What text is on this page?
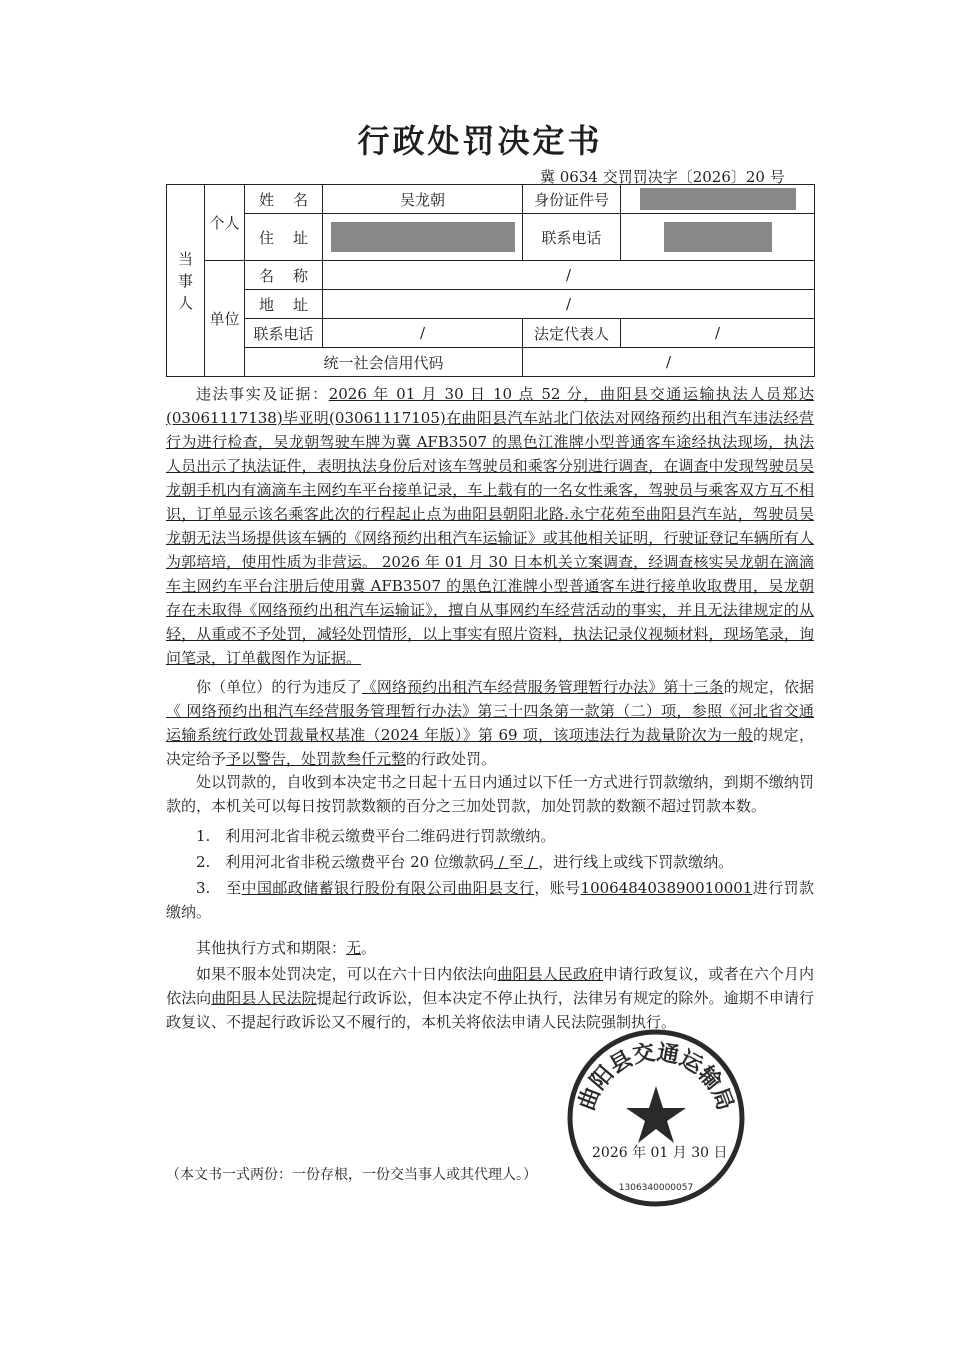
行政处罚决定书
冀 0634 交罚罚决字〔2026〕20 号
当事人	个人	姓    名	吴龙朝	身份证件号	
		住    址		联系电话	
	单位	名    称	/		
		地    址	/		
		联系电话	/	法定代表人	/
		统一社会信用代码		/	

违法事实及证据：2026 年 01 月 30 日 10 点 52 分，曲阳县交通运输执法人员郑达(03061117138)毕亚明(03061117105)在曲阳县汽车站北门依法对网络预约出租汽车违法经营行为进行检查，吴龙朝驾驶车牌为冀 AFB3507 的黑色江淮牌小型普通客车途经执法现场，执法人员出示了执法证件，表明执法身份后对该车驾驶员和乘客分别进行调查，在调查中发现驾驶员吴龙朝手机内有滴滴车主网约车平台接单记录，车上载有的一名女性乘客，驾驶员与乘客双方互不相识，订单显示该名乘客此次的行程起止点为曲阳县朝阳北路.永宁花苑至曲阳县汽车站，驾驶员吴龙朝无法当场提供该车辆的《网络预约出租汽车运输证》或其他相关证明，行驶证登记车辆所有人为郭培培，使用性质为非营运。 2026 年 01 月 30 日本机关立案调查，经调查核实吴龙朝在滴滴车主网约车平台注册后使用冀 AFB3507 的黑色江淮牌小型普通客车进行接单收取费用，吴龙朝存在未取得《网络预约出租汽车运输证》，擅自从事网约车经营活动的事实，并且无法律规定的从轻，从重或不予处罚，减轻处罚情形，以上事实有照片资料，执法记录仪视频材料，现场笔录，询问笔录，订单截图作为证据。

你（单位）的行为违反了《网络预约出租汽车经营服务管理暂行办法》第十三条的规定，依据《 网络预约出租汽车经营服务管理暂行办法》第三十四条第一款第（二）项，参照《河北省交通运输系统行政处罚裁量权基准（2024 年版）》第 69 项，该项违法行为裁量阶次为一般的规定，决定给予予以警告，处罚款叁仟元整的行政处罚。

处以罚款的，自收到本决定书之日起十五日内通过以下任一方式进行罚款缴纳，到期不缴纳罚款的，本机关可以每日按罚款数额的百分之三加处罚款，加处罚款的数额不超过罚款本数。

1.　利用河北省非税云缴费平台二维码进行罚款缴纳。

2.　利用河北省非税云缴费平台 20 位缴款码 / 至 / ，进行线上或线下罚款缴纳。

3.　至中国邮政储蓄银行股份有限公司曲阳县支行，账号100648403890010001进行罚款缴纳。

其他执行方式和期限：无。

如果不服本处罚决定，可以在六十日内依法向曲阳县人民政府申请行政复议，或者在六个月内依法向曲阳县人民法院提起行政诉讼，但本决定不停止执行，法律另有规定的除外。逾期不申请行政复议、不提起行政诉讼又不履行的，本机关将依法申请人民法院强制执行。

曲阳县交通运输局
1306340000057
2026 年 01 月 30 日
（本文书一式两份：一份存根，一份交当事人或其代理人。）
